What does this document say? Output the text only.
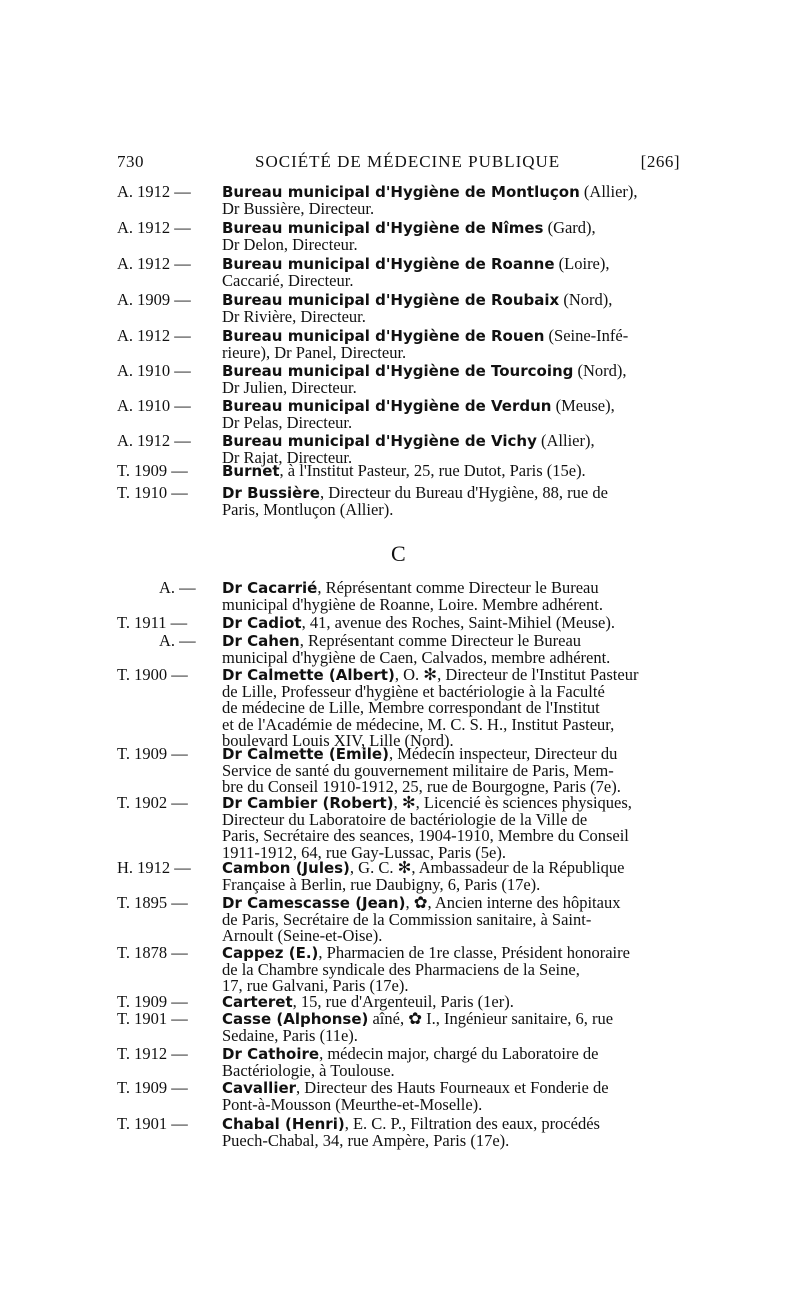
730	SOCIÉTÉ DE MÉDECINE PUBLIQUE	[266]
A. 1912 — Bureau municipal d'Hygiène de Montluçon (Allier),
Dr Bussière, Directeur.
A. 1912 — Bureau municipal d'Hygiène de Nîmes (Gard),
Dr Delon, Directeur.
A. 1912 — Bureau municipal d'Hygiène de Roanne (Loire),
Caccarié, Directeur.
A. 1909 — Bureau municipal d'Hygiène de Roubaix (Nord),
Dr Rivière, Directeur.
A. 1912 — Bureau municipal d'Hygiène de Rouen (Seine-Infé-
rieure), Dr Panel, Directeur.
A. 1910 — Bureau municipal d'Hygiène de Tourcoing (Nord),
Dr Julien, Directeur.
A. 1910 — Bureau municipal d'Hygiène de Verdun (Meuse),
Dr Pelas, Directeur.
A. 1912 — Bureau municipal d'Hygiène de Vichy (Allier),
Dr Rajat, Directeur.
T. 1909 — Burnet, à l'Institut Pasteur, 25, rue Dutot, Paris (15e).
T. 1910 — Dr Bussière, Directeur du Bureau d'Hygiène, 88, rue de
Paris, Montluçon (Allier).
C
A. — Dr Cacarrié, Réprésentant comme Directeur le Bureau
municipal d'hygiène de Roanne, Loire. Membre adhérent.
T. 1911 — Dr Cadiot, 41, avenue des Roches, Saint-Mihiel (Meuse).
A. — Dr Cahen, Représentant comme Directeur le Bureau
municipal d'hygiène de Caen, Calvados, membre adhérent.
T. 1900 — Dr Calmette (Albert), O. ✻, Directeur de l'Institut Pasteur
de Lille, Professeur d'hygiène et bactériologie à la Faculté
de médecine de Lille, Membre correspondant de l'Institut
et de l'Académie de médecine, M. C. S. H., Institut Pasteur,
boulevard Louis XIV, Lille (Nord).
T. 1909 — Dr Calmette (Emile), Médecin inspecteur, Directeur du
Service de santé du gouvernement militaire de Paris, Mem-
bre du Conseil 1910-1912, 25, rue de Bourgogne, Paris (7e).
T. 1902 — Dr Cambier (Robert), ✻, Licencié ès sciences physiques,
Directeur du Laboratoire de bactériologie de la Ville de
Paris, Secrétaire des seances, 1904-1910, Membre du Conseil
1911-1912, 64, rue Gay-Lussac, Paris (5e).
H. 1912 — Cambon (Jules), G. C. ✻, Ambassadeur de la République
Française à Berlin, rue Daubigny, 6, Paris (17e).
T. 1895 — Dr Camescasse (Jean), ✿, Ancien interne des hôpitaux
de Paris, Secrétaire de la Commission sanitaire, à Saint-
Arnoult (Seine-et-Oise).
T. 1878 — Cappez (E.), Pharmacien de 1re classe, Président honoraire
de la Chambre syndicale des Pharmaciens de la Seine,
17, rue Galvani, Paris (17e).
T. 1909 — Carteret, 15, rue d'Argenteuil, Paris (1er).
T. 1901 — Casse (Alphonse) aîné, ✿ I., Ingénieur sanitaire, 6, rue
Sedaine, Paris (11e).
T. 1912 — Dr Cathoire, médecin major, chargé du Laboratoire de
Bactériologie, à Toulouse.
T. 1909 — Cavallier, Directeur des Hauts Fourneaux et Fonderie de
Pont-à-Mousson (Meurthe-et-Moselle).
T. 1901 — Chabal (Henri), E. C. P., Filtration des eaux, procédés
Puech-Chabal, 34, rue Ampère, Paris (17e).
